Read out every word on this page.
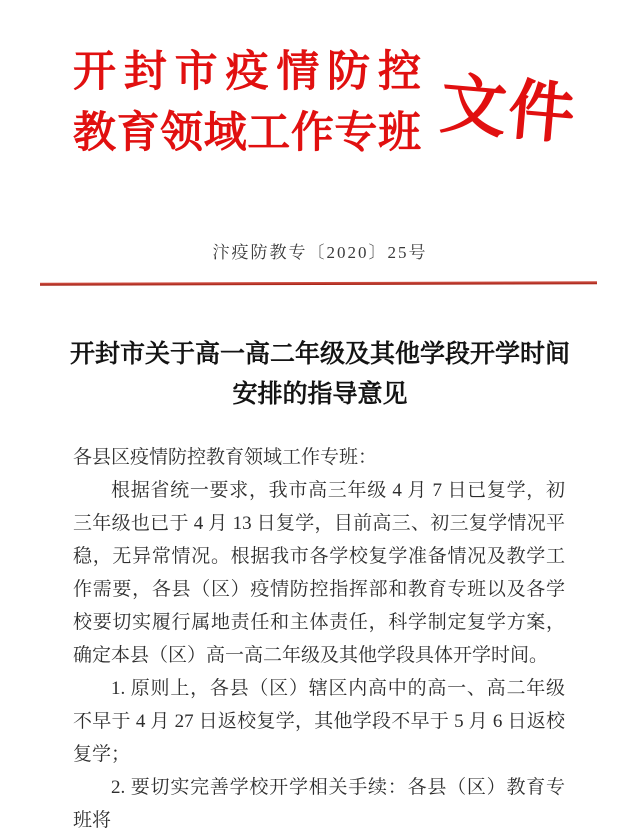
开 封 市 疫 情 防 控
教 育 领 域 工 作 专 班 文件
汴疫防教专〔2020〕25号
开封市关于高一高二年级及其他学段开学时间
安排的指导意见

各县区疫情防控教育领域工作专班：

根据省统一要求，我市高三年级 4 月 7 日已复学，初三年级也已于 4 月 13 日复学，目前高三、初三复学情况平稳，无异常情况。根据我市各学校复学准备情况及教学工作需要，各县（区）疫情防控指挥部和教育专班以及各学校要切实履行属地责任和主体责任，科学制定复学方案，确定本县（区）高一高二年级及其他学段具体开学时间。

1. 原则上，各县（区）辖区内高中的高一、高二年级不早于 4 月 27 日返校复学，其他学段不早于 5 月 6 日返校复学；

2. 要切实完善学校开学相关手续：各县（区）教育专班将
